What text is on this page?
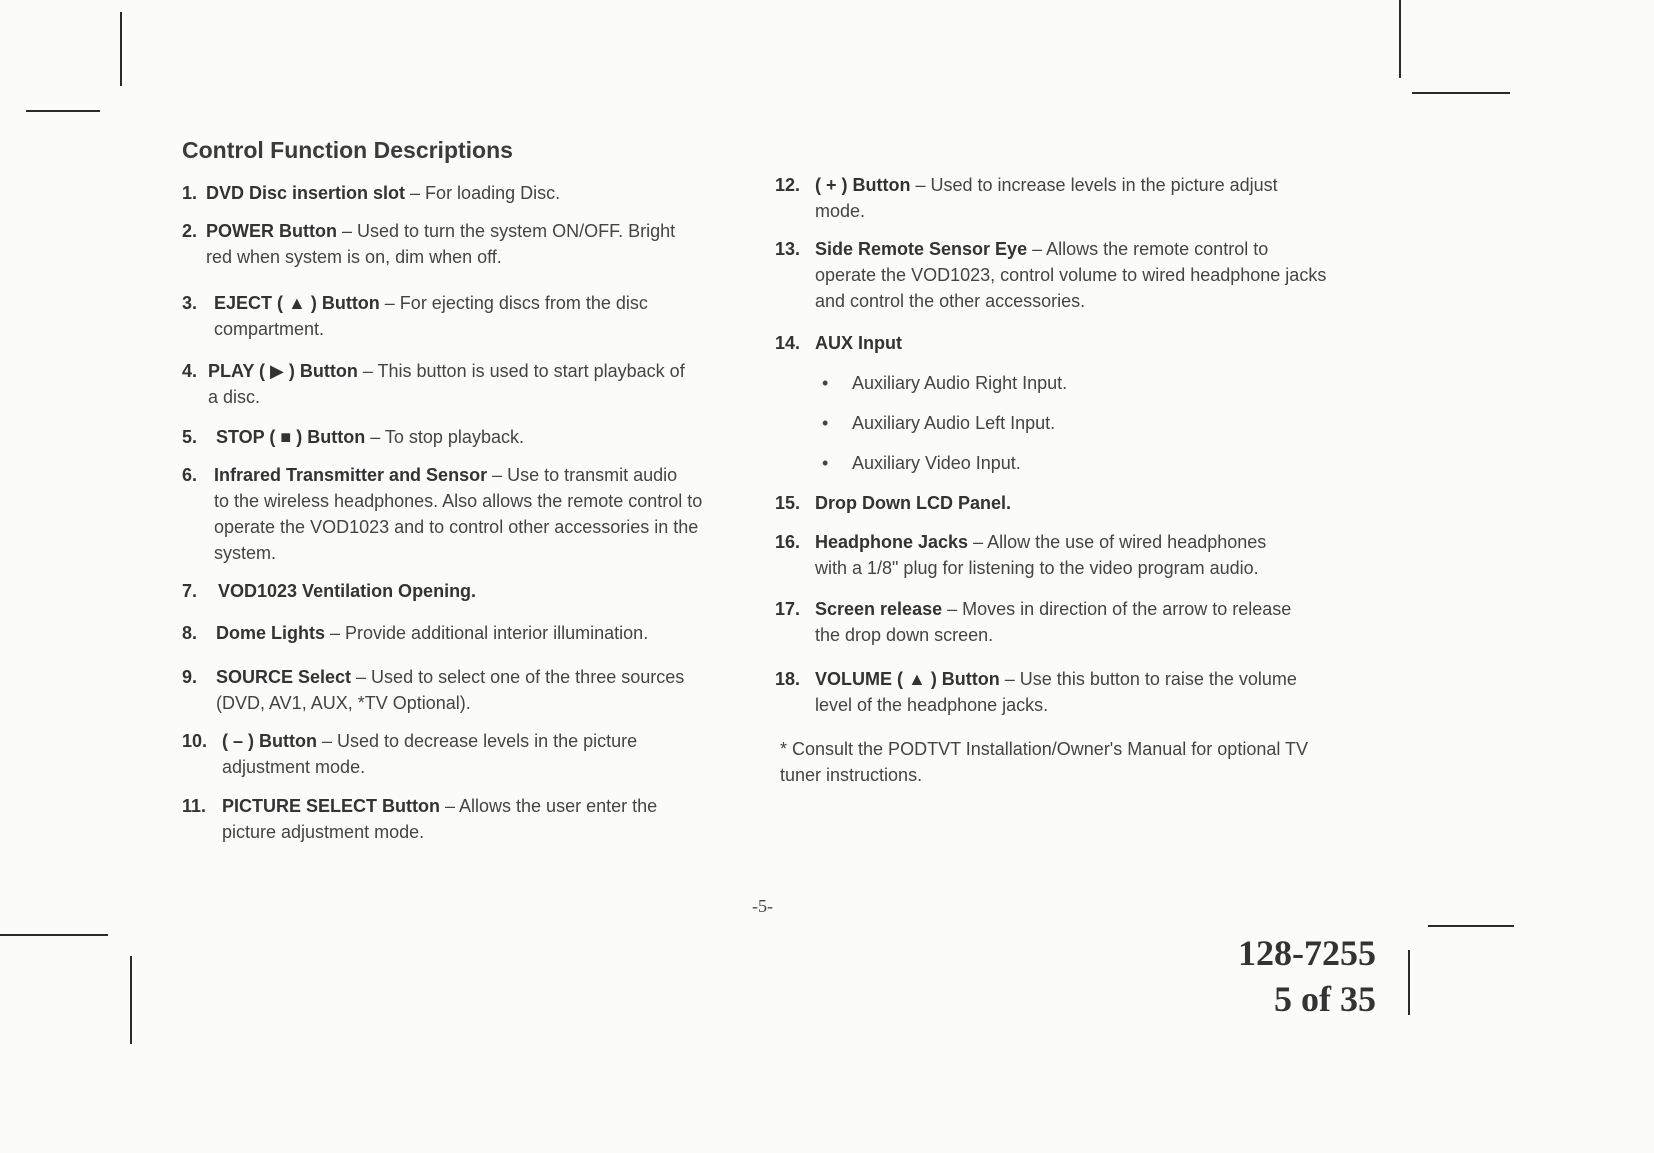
Control Function Descriptions
1. DVD Disc insertion slot – For loading Disc.
2. POWER Button – Used to turn the system ON/OFF. Bright
red when system is on, dim when off.
3. EJECT ( ▲ ) Button – For ejecting discs from the disc
compartment.
4. PLAY ( ▶ ) Button – This button is used to start playback of
a disc.
5.	STOP ( ■ ) Button – To stop playback.
6. Infrared Transmitter and Sensor – Use to transmit audio
to the wireless headphones. Also allows the remote control to operate the VOD1023 and to control other accessories in the system.
7.	VOD1023 Ventilation Opening.
8.	Dome Lights – Provide additional interior illumination.
9.	SOURCE Select – Used to select one of the three sources
(DVD, AV1, AUX, *TV Optional).
10. ( – ) Button – Used to decrease levels in the picture
adjustment mode.
11. PICTURE SELECT Button – Allows the user enter the
picture adjustment mode.
12. ( + ) Button – Used to increase levels in the picture adjust
mode.
13. Side Remote Sensor Eye – Allows the remote control to
operate the VOD1023, control volume to wired headphone jacks and control the other accessories.
14. AUX Input
15. Drop Down LCD Panel.
16. Headphone Jacks – Allow the use of wired headphones
with a 1/8" plug for listening to the video program audio.
17. Screen release – Moves in direction of the arrow to release
the drop down screen.
18. VOLUME ( ▲ ) Button – Use this button to raise the volume
level of the headphone jacks.
• Auxiliary Audio Right Input.
• Auxiliary Audio Left Input.
• Auxiliary Video Input.
* Consult the PODTVT Installation/Owner's Manual for optional TV tuner instructions.
-5-
128-7255
5 of 35
